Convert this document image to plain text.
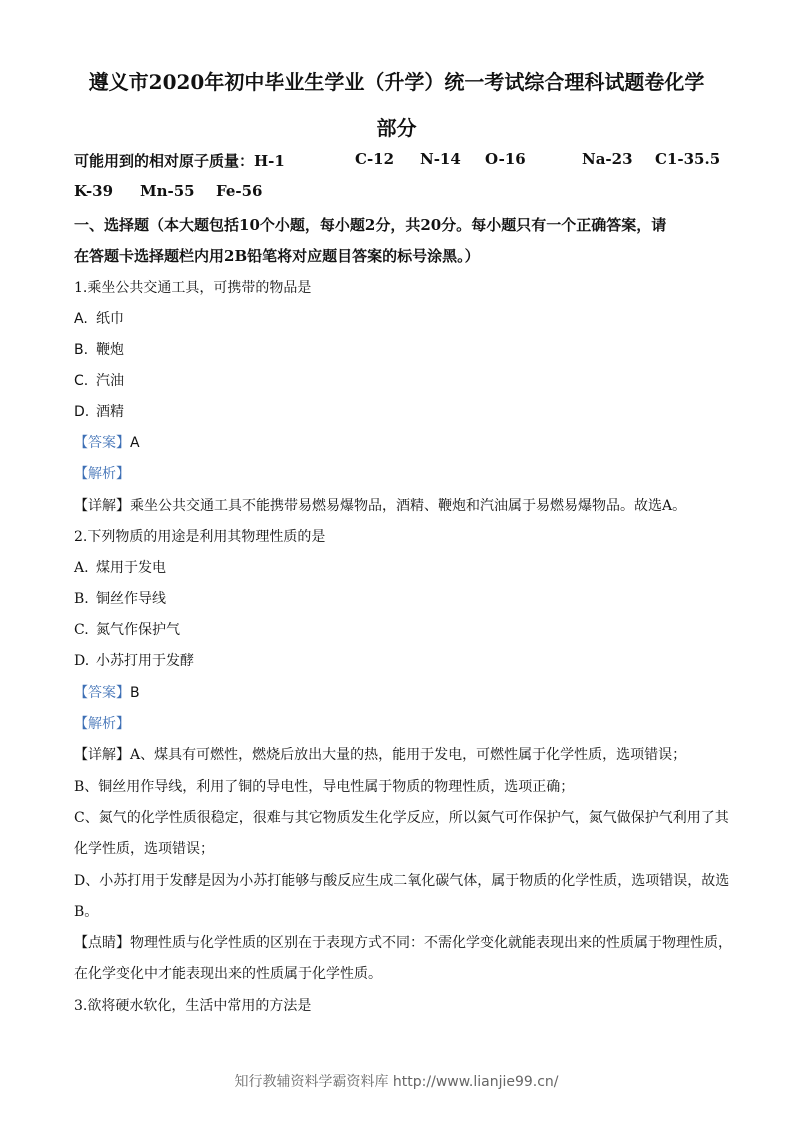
遵义市2020年初中毕业生学业（升学）统一考试综合理科试题卷化学
部分
可能用到的相对原子质量：H-1	C-12 N-14 O-16	Na-23 C1-35.5
K-39 Mn-55 Fe-56
一、选择题（本大题包括10个小题，每小题2分，共20分。每小题只有一个正确答案，请
在答题卡选择题栏内用2B铅笔将对应题目答案的标号涂黑。）
1.乘坐公共交通工具，可携带的物品是
A. 纸巾
B. 鞭炮
C. 汽油
D. 酒精
【答案】A
【解析】
【详解】乘坐公共交通工具不能携带易燃易爆物品，酒精、鞭炮和汽油属于易燃易爆物品。故选A。
2.下列物质的用途是利用其物理性质的是
A. 煤用于发电
B. 铜丝作导线
C. 氮气作保护气
D. 小苏打用于发酵
【答案】B
【解析】
【详解】A、煤具有可燃性，燃烧后放出大量的热，能用于发电，可燃性属于化学性质，选项错误；
B、铜丝用作导线，利用了铜的导电性，导电性属于物质的物理性质，选项正确；
C、氮气的化学性质很稳定，很难与其它物质发生化学反应，所以氮气可作保护气，氮气做保护气利用了其
化学性质，选项错误；
D、小苏打用于发酵是因为小苏打能够与酸反应生成二氧化碳气体，属于物质的化学性质，选项错误，故选
B。
【点睛】物理性质与化学性质的区别在于表现方式不同：不需化学变化就能表现出来的性质属于物理性质，
在化学变化中才能表现出来的性质属于化学性质。
3.欲将硬水软化，生活中常用的方法是
知行教辅资料学霸资料库 http://www.lianjie99.cn/
